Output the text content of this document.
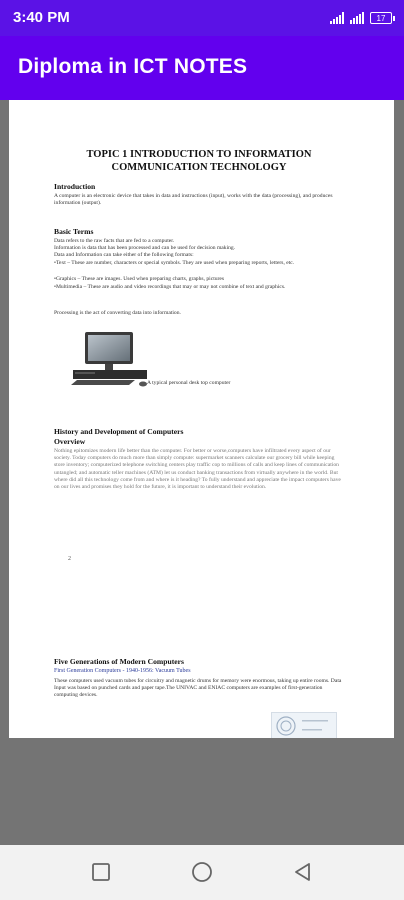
3:40 PM	17
Diploma in ICT NOTES
TOPIC 1 INTRODUCTION TO INFORMATION
COMMUNICATION TECHNOLOGY
Introduction
A computer is an electronic device that takes in data and instructions (input), works with the data (processing), and produces information (output).
Basic Terms
Data refers to the raw facts that are fed to a computer.
Information is data that has been processed and can be used for decision making.
Data and Information can take either of the following formats:
•Text – These are number, characters or special symbols. They are used when preparing reports, letters, etc.
•Graphics – These are images. Used when preparing charts, graphs, pictures
•Multimedia – These are audio and video recordings that may or may not combine of text and graphics.
Processing is the act of converting data into information.
A typical personal desk top computer
History and Development of Computers
Overview
Nothing epitomizes modern life better than the computer. For better or worse,computers have infiltrated every aspect of our society. Today computers do much more than simply compute: supermarket scanners calculate our grocery bill while keeping store inventory; computerized telephone switching centers play traffic cop to millions of calls and keep lines of communication untangled; and automatic teller machines (ATM) let us conduct banking transactions from virtually anywhere in the world. But where did all this technology come from and where is it heading? To fully understand and appreciate the impact computers have on our lives and promises they hold for the future, it is important to understand their evolution.
2
Five Generations of Modern Computers
First Generation Computers - 1940-1956: Vacuum Tubes
These computers used vacuum tubes for circuitry and magnetic drums for memory were enormous, taking up entire rooms. Data Input was based on punched cards and paper tape.The UNIVAC and ENIAC computers are examples of first-generation computing devices.
